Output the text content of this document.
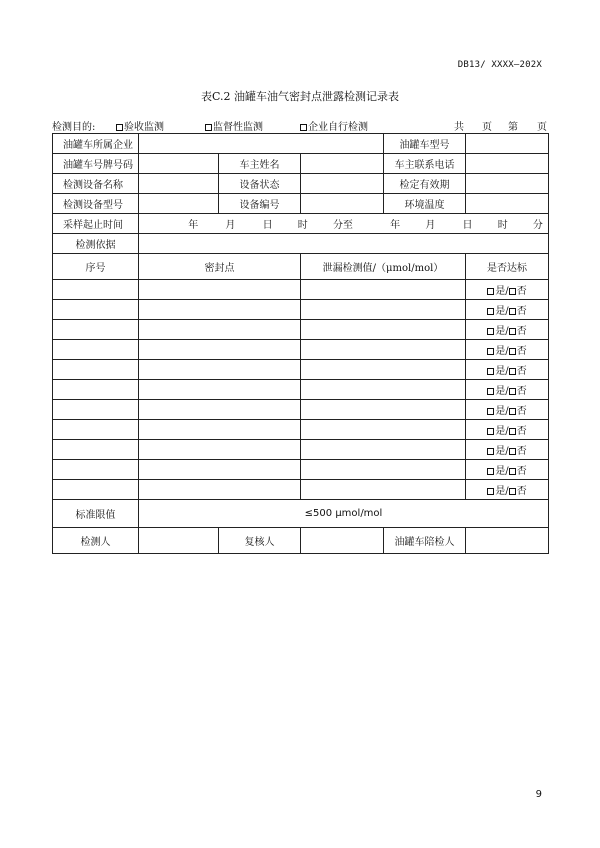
DB13/ XXXX—202X
表C.2 油罐车油气密封点泄露检测记录表
检测目的:	验收监测	监督性监测	企业自行检测	共 页 第 页
油罐车所属企业				油罐车型号	
油罐车号牌号码		车主姓名		车主联系电话	
检测设备名称		设备状态		检定有效期	
检测设备型号		设备编号		环境温度	
采样起止时间	年 月 日 时 分至 年 月 日 时 分				
检测依据					
序号	密封点		泄漏检测值/（μmol/mol）		是否达标
					是/ 否
					是/ 否
					是/ 否
					是/ 否
					是/ 否
					是/ 否
					是/ 否
					是/ 否
					是/ 否
					是/ 否
					是/ 否
标准限值	≤500 μmol/mol				
检测人		复核人		油罐车陪检人	
9
